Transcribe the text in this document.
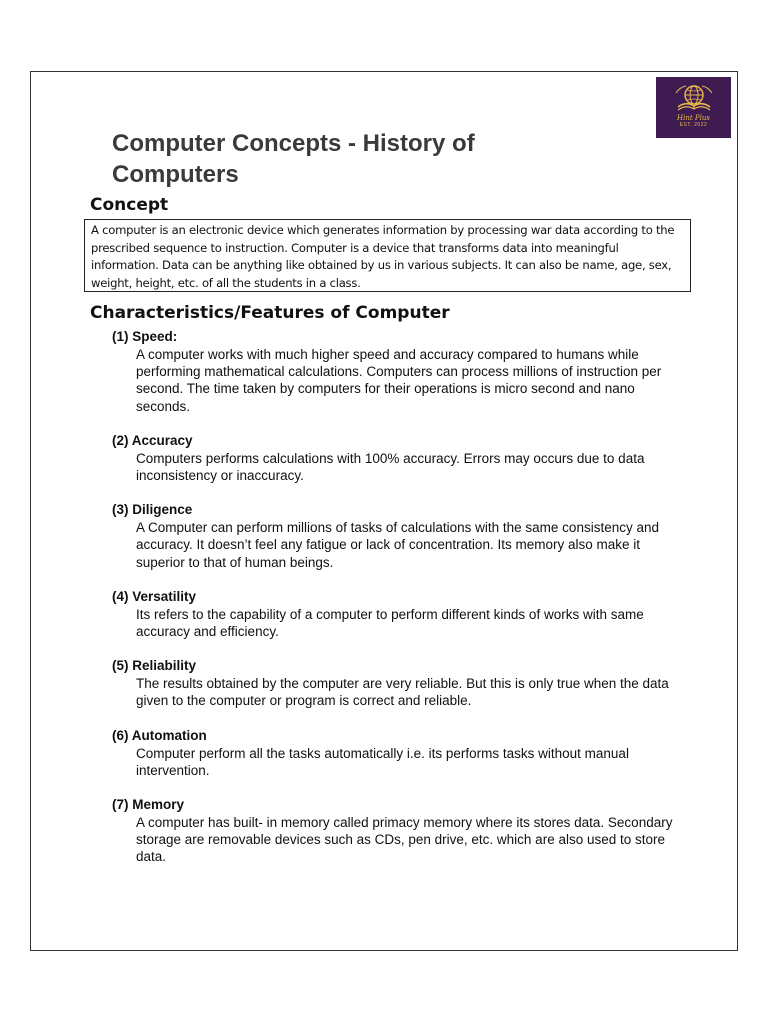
Hint Plus
EST. 2022
Computer Concepts - History of Computers
Concept
A computer is an electronic device which generates information by processing war data according to the prescribed sequence to instruction. Computer is a device that transforms data into meaningful information. Data can be anything like obtained by us in various subjects. It can also be name, age, sex, weight, height, etc. of all the students in a class.
Characteristics/Features of Computer
(1) Speed:
A computer works with much higher speed and accuracy compared to humans while performing mathematical calculations. Computers can process millions of instruction per second. The time taken by computers for their operations is micro second and nano seconds.
(2) Accuracy
Computers performs calculations with 100% accuracy. Errors may occurs due to data inconsistency or inaccuracy.
(3) Diligence
A Computer can perform millions of tasks of calculations with the same consistency and accuracy. It doesn’t feel any fatigue or lack of concentration. Its memory also make it superior to that of human beings.
(4) Versatility
Its refers to the capability of a computer to perform different kinds of works with same accuracy and efficiency.
(5) Reliability
The results obtained by the computer are very reliable. But this is only true when the data given to the computer or program is correct and reliable.
(6) Automation
Computer perform all the tasks automatically i.e. its performs tasks without manual intervention.
(7) Memory
A computer has built- in memory called primacy memory where its stores data. Secondary storage are removable devices such as CDs, pen drive, etc. which are also used to store data.
